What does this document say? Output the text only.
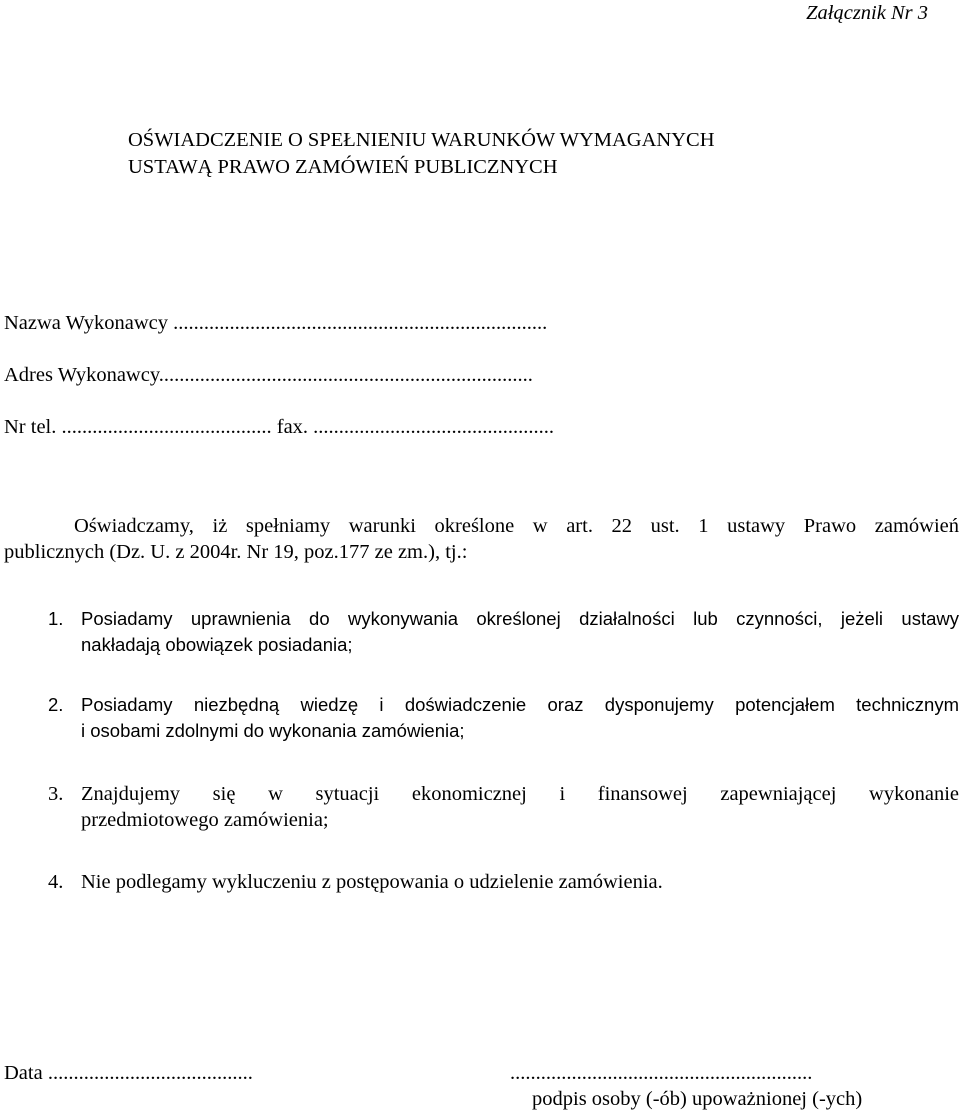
Załącznik Nr 3
OŚWIADCZENIE O SPEŁNIENIU WARUNKÓW WYMAGANYCH
USTAWĄ PRAWO ZAMÓWIEŃ PUBLICZNYCH
Nazwa Wykonawcy .........................................................................
Adres Wykonawcy.........................................................................
Nr tel. ......................................... fax. ...............................................
Oświadczamy, iż spełniamy warunki określone w art. 22 ust. 1 ustawy Prawo zamówień
publicznych (Dz. U. z 2004r. Nr 19, poz.177 ze zm.), tj.:
1. Posiadamy uprawnienia do wykonywania określonej działalności lub czynności, jeżeli ustawy
nakładają obowiązek posiadania;
2. Posiadamy niezbędną wiedzę i doświadczenie oraz dysponujemy potencjałem technicznym
i osobami zdolnymi do wykonania zamówienia;
3. Znajdujemy się w sytuacji ekonomicznej i finansowej zapewniającej wykonanie
przedmiotowego zamówienia;
4. Nie podlegamy wykluczeniu z postępowania o udzielenie zamówienia.
Data ........................................	...........................................................
podpis osoby (-ób) upoważnionej (-ych)
